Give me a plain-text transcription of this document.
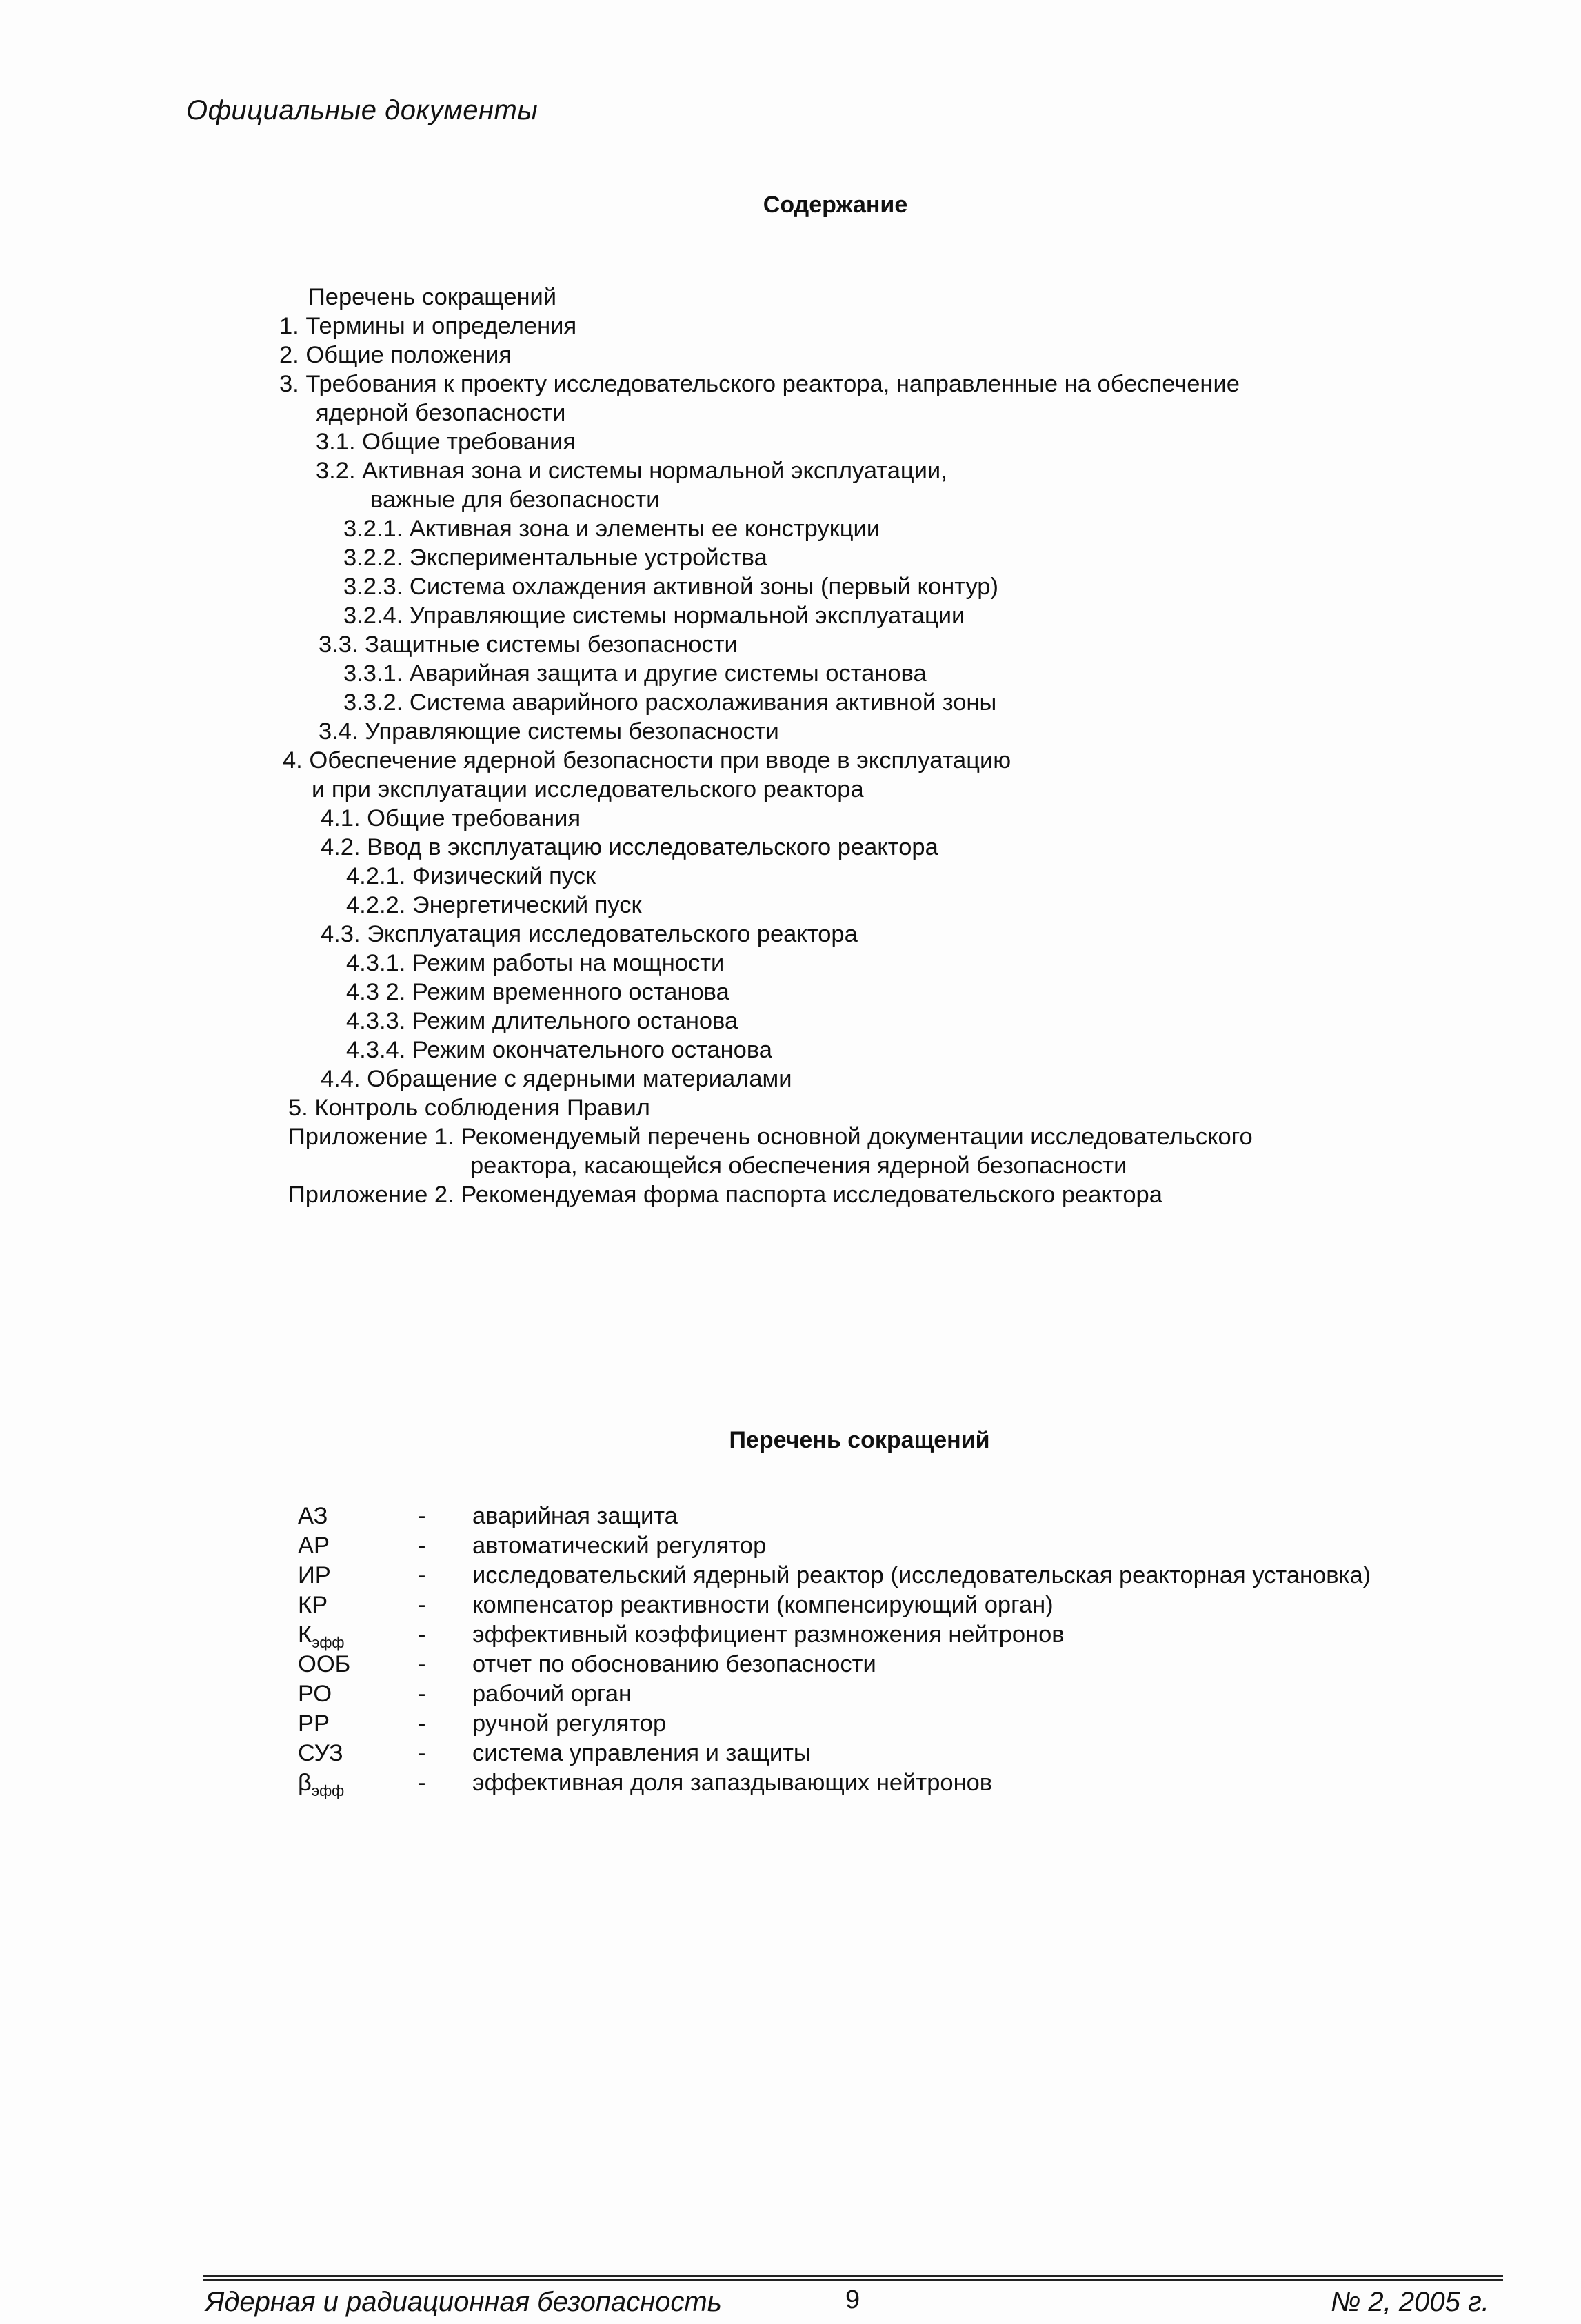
Официальные документы
Содержание
Перечень сокращений
1. Термины и определения
2. Общие положения
3. Требования к проекту исследовательского реактора, направленные на обеспечение
ядерной безопасности
3.1. Общие требования
3.2. Активная зона и системы нормальной эксплуатации,
важные для безопасности
3.2.1. Активная зона и элементы ее конструкции
3.2.2. Экспериментальные устройства
3.2.3. Система охлаждения активной зоны (первый контур)
3.2.4. Управляющие системы нормальной эксплуатации
3.3. Защитные системы безопасности
3.3.1. Аварийная защита и другие системы останова
3.3.2. Система аварийного расхолаживания активной зоны
3.4. Управляющие системы безопасности
4. Обеспечение ядерной безопасности при вводе в эксплуатацию
и при эксплуатации исследовательского реактора
4.1. Общие требования
4.2. Ввод в эксплуатацию исследовательского реактора
4.2.1. Физический пуск
4.2.2. Энергетический пуск
4.3. Эксплуатация исследовательского реактора
4.3.1. Режим работы на мощности
4.3 2. Режим временного останова
4.3.3. Режим длительного останова
4.3.4. Режим окончательного останова
4.4. Обращение с ядерными материалами
5. Контроль соблюдения Правил
Приложение 1. Рекомендуемый перечень основной документации исследовательского
реактора, касающейся обеспечения ядерной безопасности
Приложение 2. Рекомендуемая форма паспорта исследовательского реактора
Перечень сокращений
АЗ	- аварийная защита
АР	- автоматический регулятор
ИР	- исследовательский ядерный реактор (исследовательская реакторная установка)
КР	- компенсатор реактивности (компенсирующий орган)
$К_{эфф}$	- эффективный коэффициент размножения нейтронов
ООБ	- отчет по обоснованию безопасности
РО	- рабочий орган
РР	- ручной регулятор
СУЗ	- система управления и защиты
$\beta_{эфф}$	- эффективная доля запаздывающих нейтронов
Ядерная и радиационная безопасность	9	№ 2, 2005 г.
